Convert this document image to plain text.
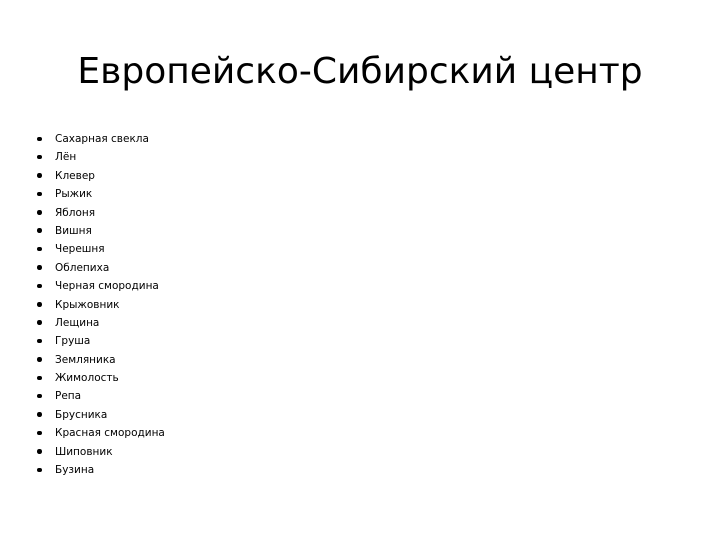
Европейско-Сибирский центр
Сахарная свекла
Лён
Клевер
Рыжик
Яблоня
Вишня
Черешня
Облепиха
Черная смородина
Крыжовник
Лещина
Груша
Земляника
Жимолость
Репа
Брусника
Красная смородина
Шиповник
Бузина
